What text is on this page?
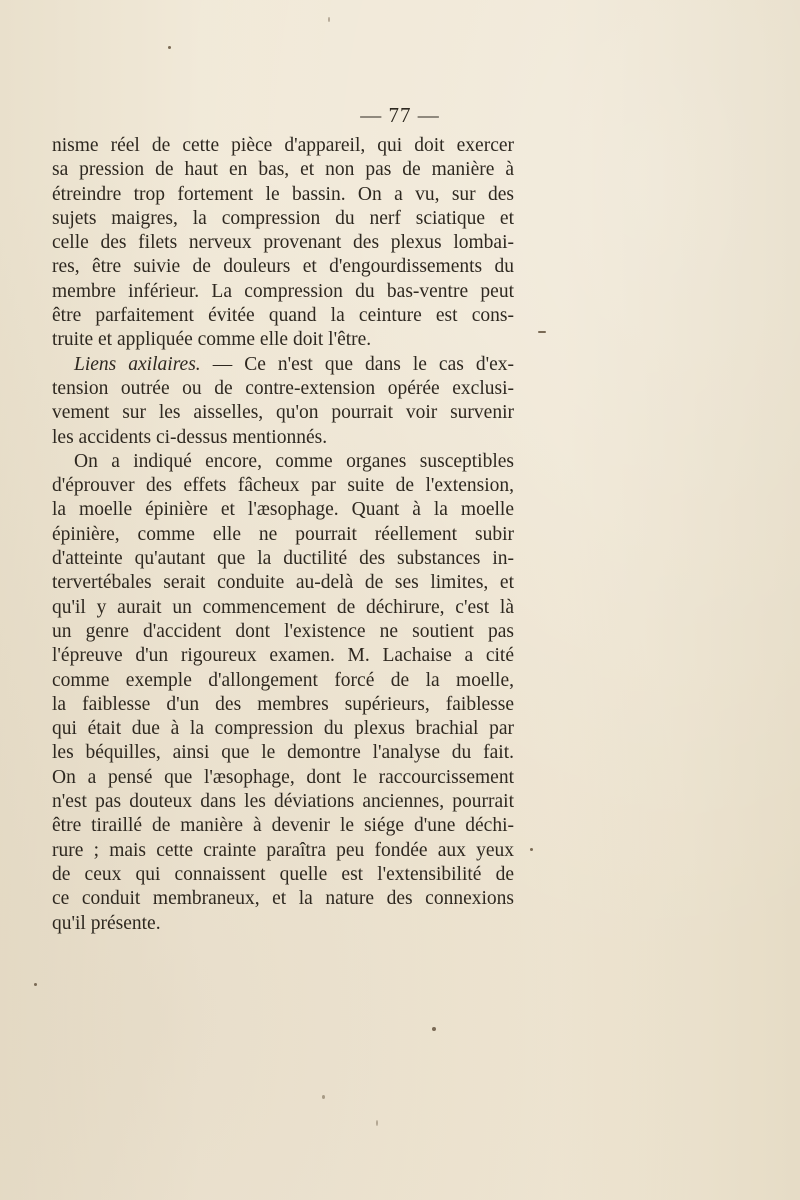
— 77 —
nisme réel de cette pièce d'appareil, qui doit exercer
sa pression de haut en bas, et non pas de manière à
étreindre trop fortement le bassin. On a vu, sur des
sujets maigres, la compression du nerf sciatique et
celle des filets nerveux provenant des plexus lombai-
res, être suivie de douleurs et d'engourdissements du
membre inférieur. La compression du bas-ventre peut
être parfaitement évitée quand la ceinture est cons-
truite et appliquée comme elle doit l'être.
Liens axilaires. — Ce n'est que dans le cas d'ex-
tension outrée ou de contre-extension opérée exclusi-
vement sur les aisselles, qu'on pourrait voir survenir
les accidents ci-dessus mentionnés.
On a indiqué encore, comme organes susceptibles
d'éprouver des effets fâcheux par suite de l'extension,
la moelle épinière et l'æsophage. Quant à la moelle
épinière, comme elle ne pourrait réellement subir
d'atteinte qu'autant que la ductilité des substances in-
tervertébales serait conduite au-delà de ses limites, et
qu'il y aurait un commencement de déchirure, c'est là
un genre d'accident dont l'existence ne soutient pas
l'épreuve d'un rigoureux examen. M. Lachaise a cité
comme exemple d'allongement forcé de la moelle,
la faiblesse d'un des membres supérieurs, faiblesse
qui était due à la compression du plexus brachial par
les béquilles, ainsi que le demontre l'analyse du fait.
On a pensé que l'æsophage, dont le raccourcissement
n'est pas douteux dans les déviations anciennes, pourrait
être tiraillé de manière à devenir le siége d'une déchi-
rure ; mais cette crainte paraîtra peu fondée aux yeux
de ceux qui connaissent quelle est l'extensibilité de
ce conduit membraneux, et la nature des connexions
qu'il présente.
